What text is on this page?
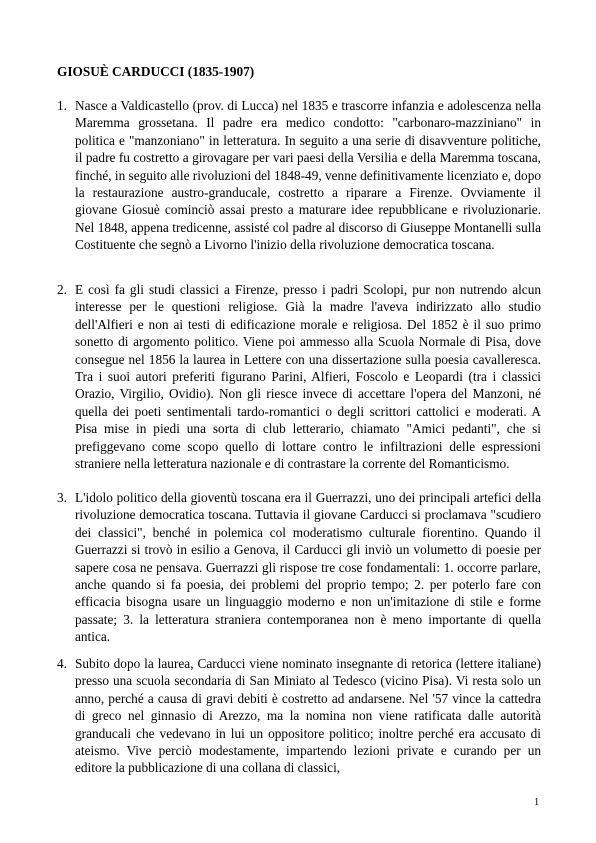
GIOSUÈ CARDUCCI (1835-1907)
1. Nasce a Valdicastello (prov. di Lucca) nel 1835 e trascorre infanzia e adolescenza nella Maremma grossetana. Il padre era medico condotto: "carbonaro-mazziniano" in politica e "manzoniano" in letteratura. In seguito a una serie di disavventure politiche, il padre fu costretto a girovagare per vari paesi della Versilia e della Maremma toscana, finché, in seguito alle rivoluzioni del 1848-49, venne definitivamente licenziato e, dopo la restaurazione austro-granducale, costretto a riparare a Firenze. Ovviamente il giovane Giosuè cominciò assai presto a maturare idee repubblicane e rivoluzionarie. Nel 1848, appena tredicenne, assisté col padre al discorso di Giuseppe Montanelli sulla Costituente che segnò a Livorno l'inizio della rivoluzione democratica toscana.
2. E così fa gli studi classici a Firenze, presso i padri Scolopi, pur non nutrendo alcun interesse per le questioni religiose. Già la madre l'aveva indirizzato allo studio dell'Alfieri e non ai testi di edificazione morale e religiosa. Del 1852 è il suo primo sonetto di argomento politico. Viene poi ammesso alla Scuola Normale di Pisa, dove consegue nel 1856 la laurea in Lettere con una dissertazione sulla poesia cavalleresca. Tra i suoi autori preferiti figurano Parini, Alfieri, Foscolo e Leopardi (tra i classici Orazio, Virgilio, Ovidio). Non gli riesce invece di accettare l'opera del Manzoni, né quella dei poeti sentimentali tardo-romantici o degli scrittori cattolici e moderati. A Pisa mise in piedi una sorta di club letterario, chiamato "Amici pedanti", che si prefiggevano come scopo quello di lottare contro le infiltrazioni delle espressioni straniere nella letteratura nazionale e di contrastare la corrente del Romanticismo.
3. L'idolo politico della gioventù toscana era il Guerrazzi, uno dei principali artefici della rivoluzione democratica toscana. Tuttavia il giovane Carducci si proclamava "scudiero dei classici", benché in polemica col moderatismo culturale fiorentino. Quando il Guerrazzi si trovò in esilio a Genova, il Carducci gli inviò un volumetto di poesie per sapere cosa ne pensava. Guerrazzi gli rispose tre cose fondamentali: 1. occorre parlare, anche quando si fa poesia, dei problemi del proprio tempo; 2. per poterlo fare con efficacia bisogna usare un linguaggio moderno e non un'imitazione di stile e forme passate; 3. la letteratura straniera contemporanea non è meno importante di quella antica.
4. Subito dopo la laurea, Carducci viene nominato insegnante di retorica (lettere italiane) presso una scuola secondaria di San Miniato al Tedesco (vicino Pisa). Vi resta solo un anno, perché a causa di gravi debiti è costretto ad andarsene. Nel '57 vince la cattedra di greco nel ginnasio di Arezzo, ma la nomina non viene ratificata dalle autorità granducali che vedevano in lui un oppositore politico; inoltre perché era accusato di ateismo. Vive perciò modestamente, impartendo lezioni private e curando per un editore la pubblicazione di una collana di classici,
1
